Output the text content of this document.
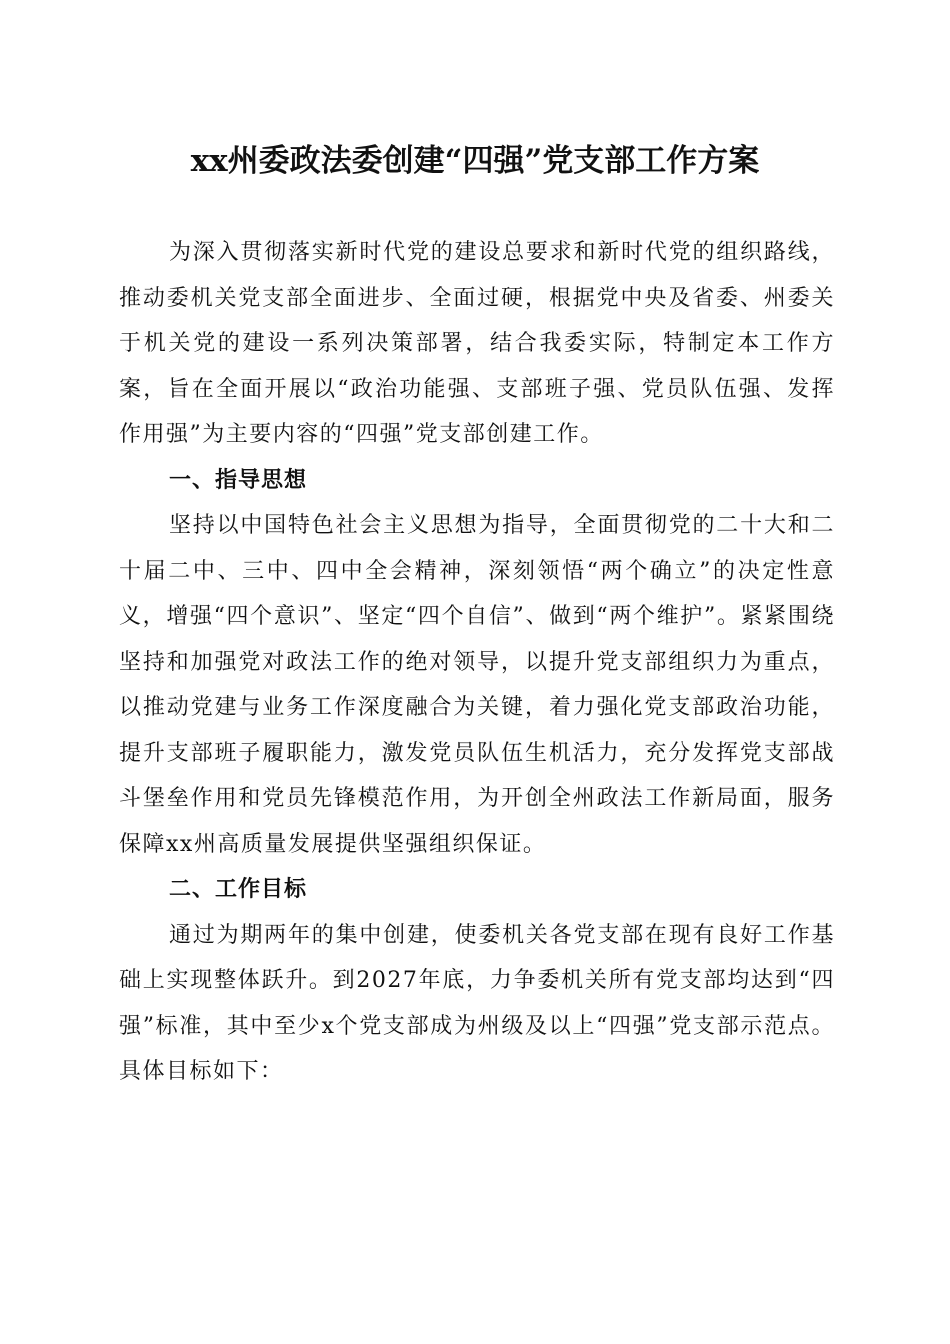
xx州委政法委创建“四强”党支部工作方案

为深入贯彻落实新时代党的建设总要求和新时代党的组织路线，推动委机关党支部全面进步、全面过硬，根据党中央及省委、州委关于机关党的建设一系列决策部署，结合我委实际，特制定本工作方案，旨在全面开展以“政治功能强、支部班子强、党员队伍强、发挥作用强”为主要内容的“四强”党支部创建工作。

一、指导思想

坚持以中国特色社会主义思想为指导，全面贯彻党的二十大和二十届二中、三中、四中全会精神，深刻领悟“两个确立”的决定性意义，增强“四个意识”、坚定“四个自信”、做到“两个维护”。紧紧围绕坚持和加强党对政法工作的绝对领导，以提升党支部组织力为重点，以推动党建与业务工作深度融合为关键，着力强化党支部政治功能，提升支部班子履职能力，激发党员队伍生机活力，充分发挥党支部战斗堡垒作用和党员先锋模范作用，为开创全州政法工作新局面，服务保障xx州高质量发展提供坚强组织保证。

二、工作目标

通过为期两年的集中创建，使委机关各党支部在现有良好工作基础上实现整体跃升。到2027年底，力争委机关所有党支部均达到“四强”标准，其中至少x个党支部成为州级及以上“四强”党支部示范点。具体目标如下：
